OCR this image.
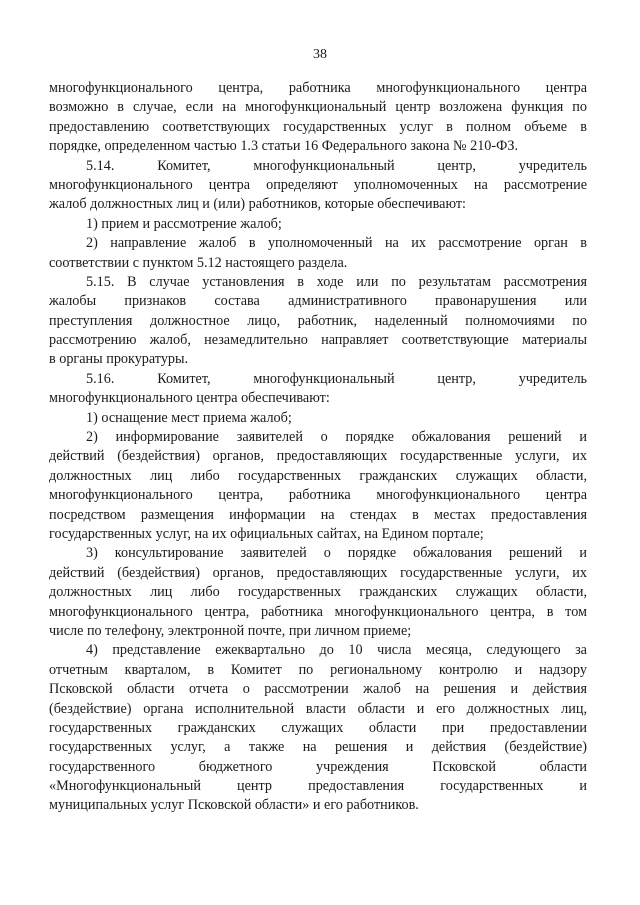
38
многофункционального центра, работника многофункционального центра
возможно в случае, если на многофункциональный центр возложена функция по
предоставлению соответствующих государственных услуг в полном объеме в
порядке, определенном частью 1.3 статьи 16 Федерального закона № 210-ФЗ.
5.14. Комитет, многофункциональный центр, учредитель
многофункционального центра определяют уполномоченных на рассмотрение
жалоб должностных лиц и (или) работников, которые обеспечивают:
1) прием и рассмотрение жалоб;
2) направление жалоб в уполномоченный на их рассмотрение орган в
соответствии с пунктом 5.12 настоящего раздела.
5.15. В случае установления в ходе или по результатам рассмотрения
жалобы признаков состава административного правонарушения или
преступления должностное лицо, работник, наделенный полномочиями по
рассмотрению жалоб, незамедлительно направляет соответствующие материалы
в органы прокуратуры.
5.16. Комитет, многофункциональный центр, учредитель
многофункционального центра обеспечивают:
1) оснащение мест приема жалоб;
2) информирование заявителей о порядке обжалования решений и
действий (бездействия) органов, предоставляющих государственные услуги, их
должностных лиц либо государственных гражданских служащих области,
многофункционального центра, работника многофункционального центра
посредством размещения информации на стендах в местах предоставления
государственных услуг, на их официальных сайтах, на Едином портале;
3) консультирование заявителей о порядке обжалования решений и
действий (бездействия) органов, предоставляющих государственные услуги, их
должностных лиц либо государственных гражданских служащих области,
многофункционального центра, работника многофункционального центра, в том
числе по телефону, электронной почте, при личном приеме;
4) представление ежеквартально до 10 числа месяца, следующего за
отчетным кварталом, в Комитет по региональному контролю и надзору
Псковской области отчета о рассмотрении жалоб на решения и действия
(бездействие) органа исполнительной власти области и его должностных лиц,
государственных гражданских служащих области при предоставлении
государственных услуг, а также на решения и действия (бездействие)
государственного бюджетного учреждения Псковской области
«Многофункциональный центр предоставления государственных и
муниципальных услуг Псковской области» и его работников.
